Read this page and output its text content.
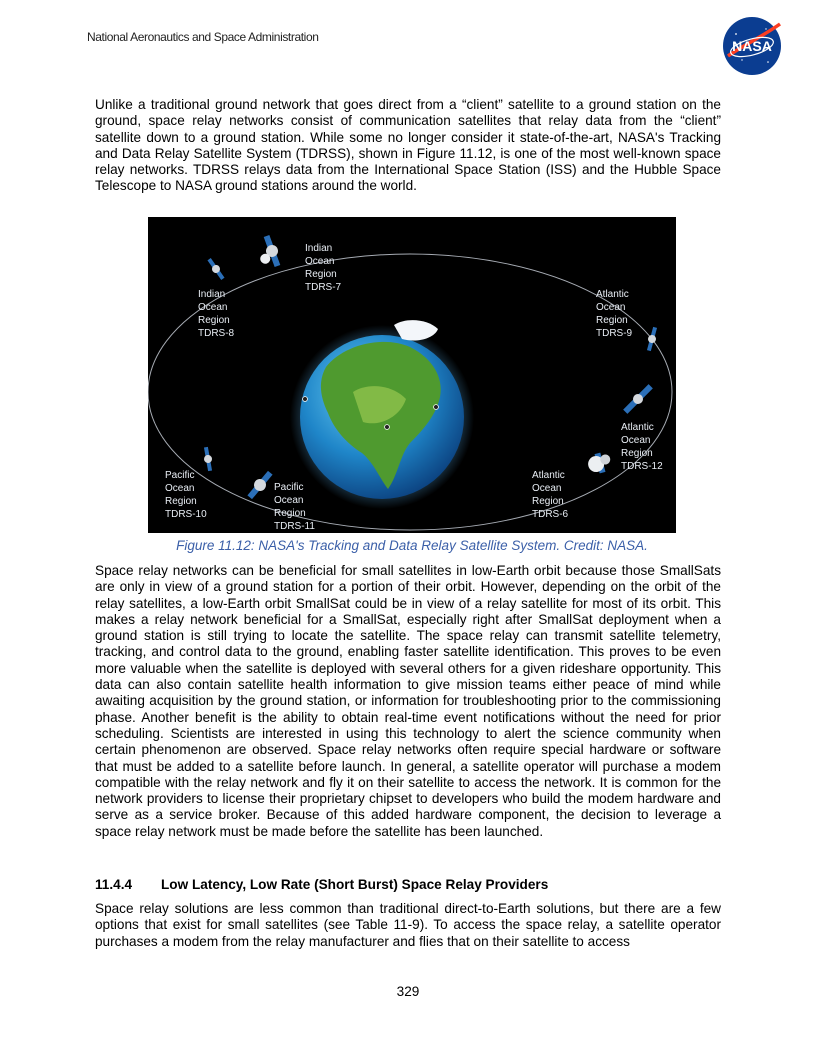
National Aeronautics and Space Administration
NASA

Unlike a traditional ground network that goes direct from a “client” satellite to a ground station on the ground, space relay networks consist of communication satellites that relay data from the “client” satellite down to a ground station. While some no longer consider it state-of-the-art, NASA's Tracking and Data Relay Satellite System (TDRSS), shown in Figure 11.12, is one of the most well-known space relay networks. TDRSS relays data from the International Space Station (ISS) and the Hubble Space Telescope to NASA ground stations around the world.

Indian
Ocean
Region
TDRS-7
Indian
Ocean
Region
TDRS-8
Atlantic
Ocean
Region
TDRS-9
Atlantic
Ocean
Region
TDRS-12
Atlantic
Ocean
Region
TDRS-6
Pacific
Ocean
Region
TDRS-11
Pacific
Ocean
Region
TDRS-10
Figure 11.12: NASA's Tracking and Data Relay Satellite System. Credit: NASA.

Space relay networks can be beneficial for small satellites in low-Earth orbit because those SmallSats are only in view of a ground station for a portion of their orbit. However, depending on the orbit of the relay satellites, a low-Earth orbit SmallSat could be in view of a relay satellite for most of its orbit. This makes a relay network beneficial for a SmallSat, especially right after SmallSat deployment when a ground station is still trying to locate the satellite. The space relay can transmit satellite telemetry, tracking, and control data to the ground, enabling faster satellite identification. This proves to be even more valuable when the satellite is deployed with several others for a given rideshare opportunity. This data can also contain satellite health information to give mission teams either peace of mind while awaiting acquisition by the ground station, or information for troubleshooting prior to the commissioning phase. Another benefit is the ability to obtain real-time event notifications without the need for prior scheduling. Scientists are interested in using this technology to alert the science community when certain phenomenon are observed. Space relay networks often require special hardware or software that must be added to a satellite before launch. In general, a satellite operator will purchase a modem compatible with the relay network and fly it on their satellite to access the network. It is common for the network providers to license their proprietary chipset to developers who build the modem hardware and serve as a service broker. Because of this added hardware component, the decision to leverage a space relay network must be made before the satellite has been launched.

11.4.4 Low Latency, Low Rate (Short Burst) Space Relay Providers

Space relay solutions are less common than traditional direct-to-Earth solutions, but there are a few options that exist for small satellites (see Table 11-9). To access the space relay, a satellite operator purchases a modem from the relay manufacturer and flies that on their satellite to access

329
